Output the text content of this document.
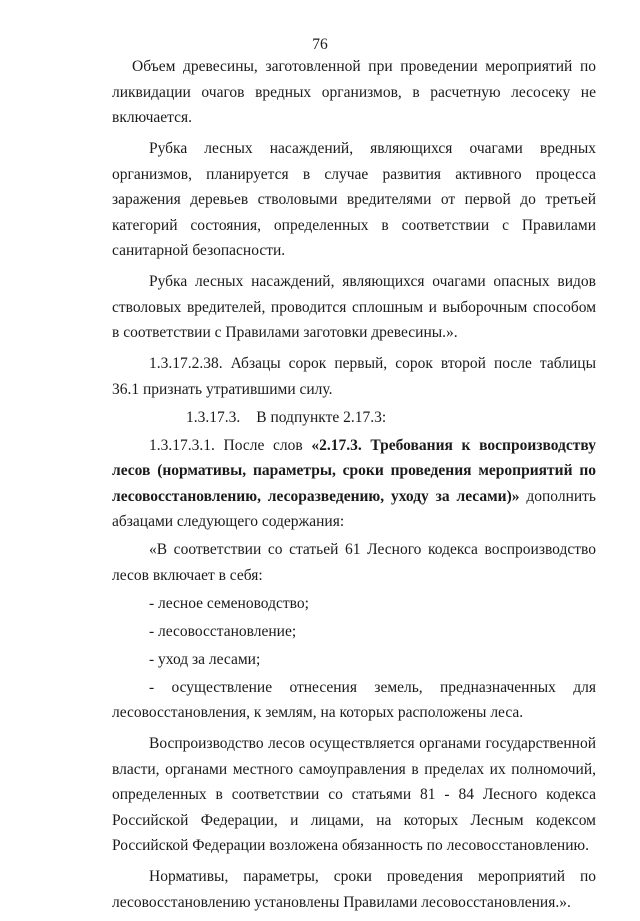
76

Объем древесины, заготовленной при проведении мероприятий по ликвидации очагов вредных организмов, в расчетную лесосеку не включается.

Рубка лесных насаждений, являющихся очагами вредных организмов, планируется в случае развития активного процесса заражения деревьев стволовыми вредителями от первой до третьей категорий состояния, определенных в соответствии с Правилами санитарной безопасности.

Рубка лесных насаждений, являющихся очагами опасных видов стволовых вредителей, проводится сплошным и выборочным способом в соответствии с Правилами заготовки древесины.».

1.3.17.2.38. Абзацы сорок первый, сорок второй после таблицы 36.1 признать утратившими силу.

1.3.17.3. В подпункте 2.17.3:

1.3.17.3.1. После слов «2.17.3. Требования к воспроизводству лесов (нормативы, параметры, сроки проведения мероприятий по лесовосстановлению, лесоразведению, уходу за лесами)» дополнить абзацами следующего содержания:

«В соответствии со статьей 61 Лесного кодекса воспроизводство лесов включает в себя:

- лесное семеноводство;

- лесовосстановление;

- уход за лесами;

- осуществление отнесения земель, предназначенных для лесовосстановления, к землям, на которых расположены леса.

Воспроизводство лесов осуществляется органами государственной власти, органами местного самоуправления в пределах их полномочий, определенных в соответствии со статьями 81 - 84 Лесного кодекса Российской Федерации, и лицами, на которых Лесным кодексом Российской Федерации возложена обязанность по лесовосстановлению.

Нормативы, параметры, сроки проведения мероприятий по лесовосстановлению установлены Правилами лесовосстановления.».
